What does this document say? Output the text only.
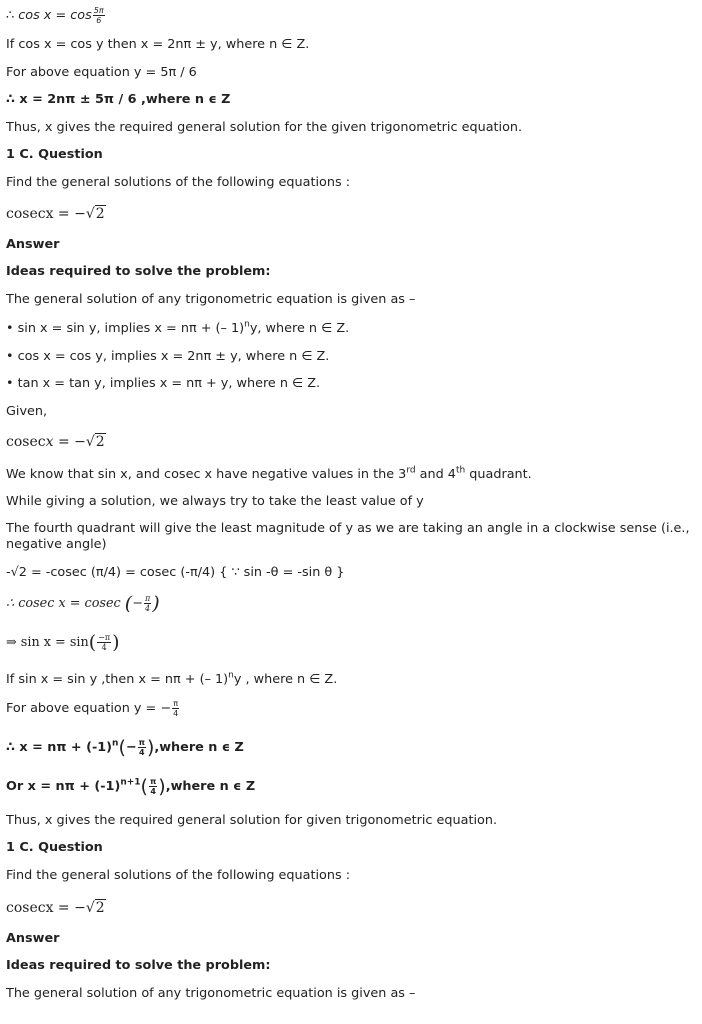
∴ $\cos x = \cos \frac{5\pi}{6}$
If cos x = cos y then x = 2nπ ± y, where n ∈ Z.
For above equation y = 5π / 6
∴ x = 2nπ ± 5π / 6 ,where n ϵ Z
Thus, x gives the required general solution for the given trigonometric equation.
1 C. Question
Find the general solutions of the following equations :
cosecx = −√2
Answer
Ideas required to solve the problem:
The general solution of any trigonometric equation is given as –
• sin x = sin y, implies x = nπ + (– 1)$^n$y, where n ∈ Z.
• cos x = cos y, implies x = 2nπ ± y, where n ∈ Z.
• tan x = tan y, implies x = nπ + y, where n ∈ Z.
Given,
cosecx = −√2
We know that sin x, and cosec x have negative values in the 3rd and 4th quadrant.
While giving a solution, we always try to take the least value of y
The fourth quadrant will give the least magnitude of y as we are taking an angle in a clockwise sense (i.e., negative angle)
-√2 = -cosec (π/4) = cosec (-π/4) { ∵ sin -θ = -sin θ }
∴ cosec x = cosec (− $\frac{\pi}{4}$ )
⇒ $\sin x = \sin( \frac{-\pi}{4}$ )
If sin x = sin y ,then x = nπ + (– 1)$^n$y , where n ∈ Z.
For above equation y = − $\frac{\pi}{4}$
∴ $x = n\pi + (-1)^n(- \frac{\pi}{4}$ ),where n ϵ Z
Or $x = n\pi + (-1)^{n+1}( \frac{\pi}{4}$ ),where n ϵ Z
Thus, x gives the required general solution for given trigonometric equation.
1 C. Question
Find the general solutions of the following equations :
cosecx = −√2
Answer
Ideas required to solve the problem:
The general solution of any trigonometric equation is given as –
